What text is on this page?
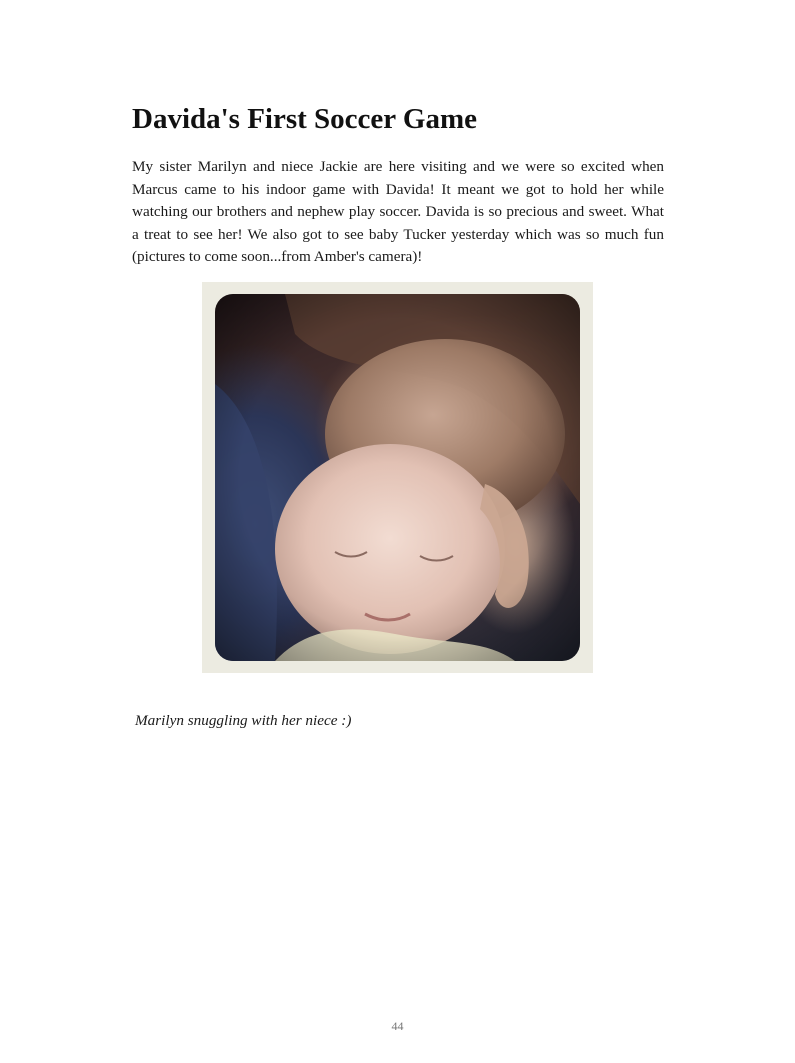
Davida's First Soccer Game

My sister Marilyn and niece Jackie are here visiting and we were so excited when Marcus came to his indoor game with Davida! It meant we got to hold her while watching our brothers and nephew play soccer. Davida is so precious and sweet. What a treat to see her! We also got to see baby Tucker yesterday which was so much fun (pictures to come soon...from Amber's camera)!

Marilyn snuggling with her niece :)

44
